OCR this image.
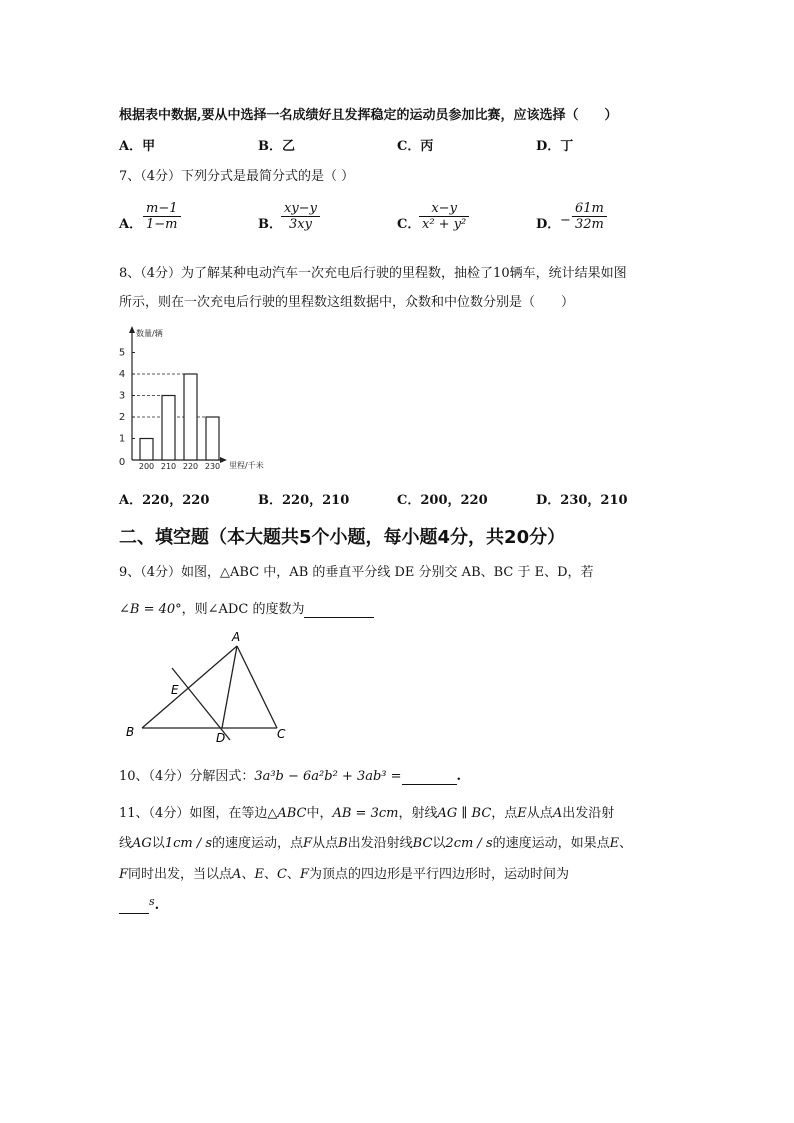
根据表中数据,要从中选择一名成绩好且发挥稳定的运动员参加比赛，应该选择（　　）
A．甲	B．乙	C．丙	D．丁
7、（4分）下列分式是最简分式的是（ ）
A． $\frac{m-1}{1-m}$	B． $\frac{xy-y}{3xy}$	C．
$\frac{x-y}{\text{x² + y²}}$	D． − $\frac{61m}{32m}$
8、（4分）为了解某种电动汽车一次充电后行驶的里程数，抽检了10辆车，统计结果如图
所示，则在一次充电后行驶的里程数这组数据中，众数和中位数分别是（　　）
数量/辆
里程/千米
0
1
2
3
4
5
200 210 220 230
A．220，220	B．220，210	C．200，220	D．230，210
二、填空题（本大题共5个小题，每小题4分，共20分）
9、（4分）如图，△ABC 中，AB 的垂直平分线 DE 分别交 AB、BC 于 E、D，若
∠B = 40°，则∠ADC 的度数为
A
B	C
D
E
10、（4分）分解因式：3a³b − 6a²b² + 3ab³ =	.
11、（4分）如图，在等边△ABC中，AB = 3cm，射线AG ∥ BC，点E从点A出发沿射
线AG以1cm / s的速度运动，点F从点B出发沿射线BC以2cm / s的速度运动，如果点E、
F同时出发，当以点A、E、C、F为顶点的四边形是平行四边形时，运动时间为
$^s$.
